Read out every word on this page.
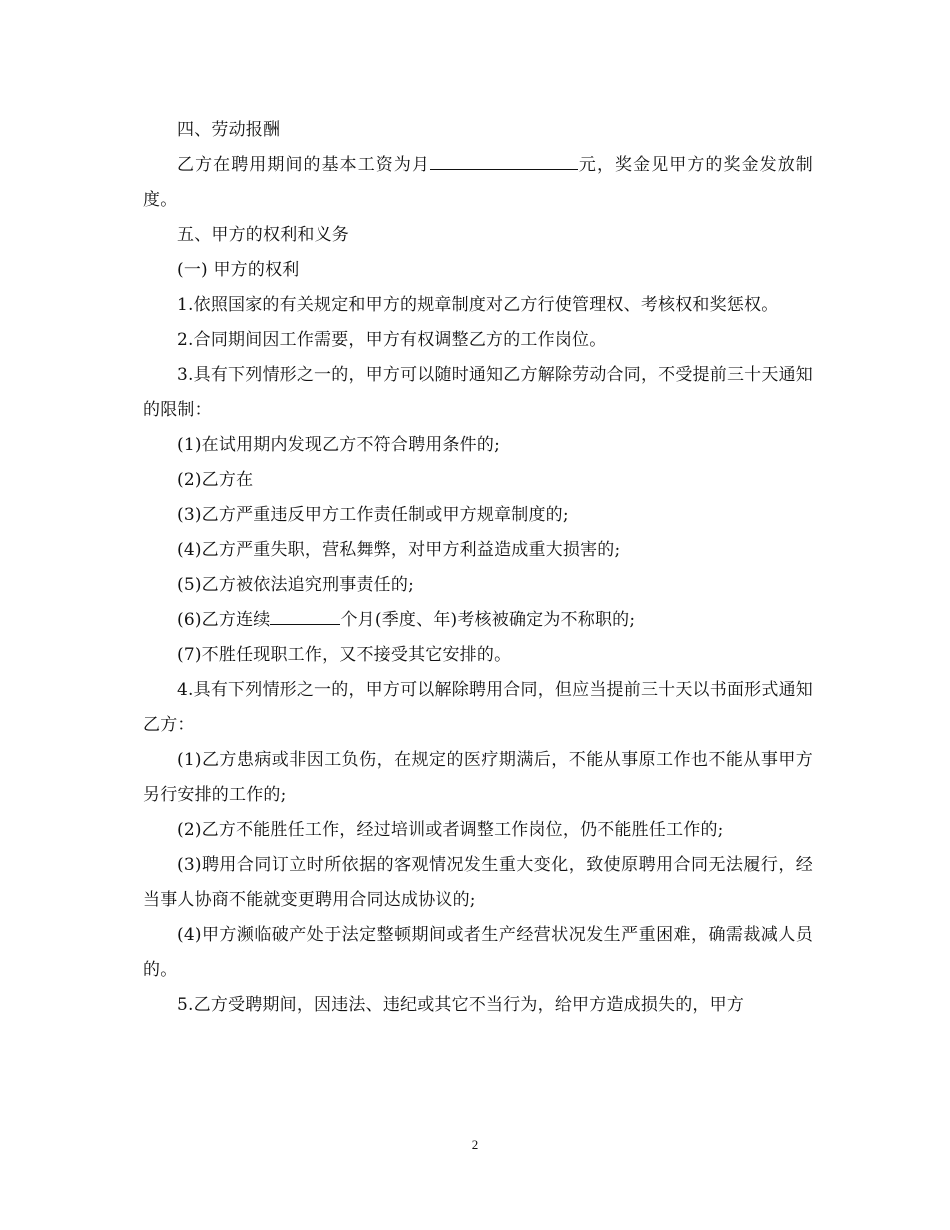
四、劳动报酬

乙方在聘用期间的基本工资为月	元，奖金见甲方的奖金发放制度。

五、甲方的权利和义务

(一) 甲方的权利

1.依照国家的有关规定和甲方的规章制度对乙方行使管理权、考核权和奖惩权。

2.合同期间因工作需要，甲方有权调整乙方的工作岗位。

3.具有下列情形之一的，甲方可以随时通知乙方解除劳动合同，不受提前三十天通知的限制：

(1)在试用期内发现乙方不符合聘用条件的;

(2)乙方在

(3)乙方严重违反甲方工作责任制或甲方规章制度的;

(4)乙方严重失职，营私舞弊，对甲方利益造成重大损害的;

(5)乙方被依法追究刑事责任的;

(6)乙方连续	个月(季度、年)考核被确定为不称职的;

(7)不胜任现职工作，又不接受其它安排的。

4.具有下列情形之一的，甲方可以解除聘用合同，但应当提前三十天以书面形式通知乙方：

(1)乙方患病或非因工负伤，在规定的医疗期满后，不能从事原工作也不能从事甲方另行安排的工作的;

(2)乙方不能胜任工作，经过培训或者调整工作岗位，仍不能胜任工作的;

(3)聘用合同订立时所依据的客观情况发生重大变化，致使原聘用合同无法履行，经当事人协商不能就变更聘用合同达成协议的;

(4)甲方濒临破产处于法定整顿期间或者生产经营状况发生严重困难，确需裁减人员的。

5.乙方受聘期间，因违法、违纪或其它不当行为，给甲方造成损失的，甲方

2
